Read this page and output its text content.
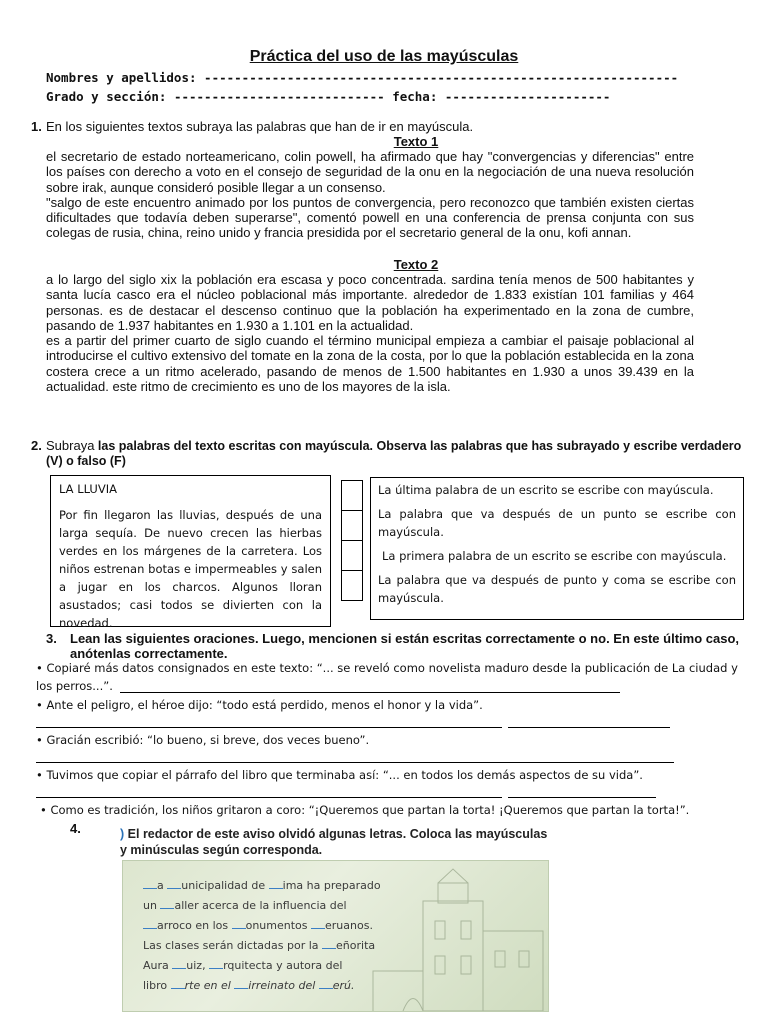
Práctica del uso de las mayúsculas
Nombres y apellidos: ---------------------------------------------------------------
Grado y sección: ---------------------------- fecha: ----------------------
1. En los siguientes textos subraya las palabras que han de ir en mayúscula.
Texto 1

el secretario de estado norteamericano, colin powell, ha afirmado que hay "convergencias y diferencias" entre los países con derecho a voto en el consejo de seguridad de la onu en la negociación de una nueva resolución sobre irak, aunque consideró posible llegar a un consenso.

"salgo de este encuentro animado por los puntos de convergencia, pero reconozco que también existen ciertas dificultades que todavía deben superarse", comentó powell en una conferencia de prensa conjunta con sus colegas de rusia, china, reino unido y francia presidida por el secretario general de la onu, kofi annan.

Texto 2

a lo largo del siglo xix la población era escasa y poco concentrada. sardina tenía menos de 500 habitantes y santa lucía casco era el núcleo poblacional más importante. alrededor de 1.833 existían 101 familias y 464 personas. es de destacar el descenso continuo que la población ha experimentado en la zona de cumbre, pasando de 1.937 habitantes en 1.930 a 1.101 en la actualidad.

es a partir del primer cuarto de siglo cuando el término municipal empieza a cambiar el paisaje poblacional al introducirse el cultivo extensivo del tomate en la zona de la costa, por lo que la población establecida en la zona costera crece a un ritmo acelerado, pasando de menos de 1.500 habitantes en 1.930 a unos 39.439 en la actualidad. este ritmo de crecimiento es uno de los mayores de la isla.

2. Subraya las palabras del texto escritas con mayúscula. Observa las palabras que has subrayado y escribe verdadero (V) o falso (F)
LA LLUVIA
Por fin llegaron las lluvias, después de una larga sequía. De nuevo crecen las hierbas verdes en los márgenes de la carretera. Los niños estrenan botas e impermeables y salen a jugar en los charcos. Algunos lloran asustados; casi todos se divierten con la novedad.
La última palabra de un escrito se escribe con mayúscula.
La palabra que va después de un punto se escribe con mayúscula.
La primera palabra de un escrito se escribe con mayúscula.
La palabra que va después de punto y coma se escribe con mayúscula.
3. Lean las siguientes oraciones. Luego, mencionen si están escritas correctamente o no. En este último caso, anótenlas correctamente.
• Copiaré más datos consignados en este texto: “... se reveló como novelista maduro desde la publicación de La ciudad y
los perros...”.
• Ante el peligro, el héroe dijo: “todo está perdido, menos el honor y la vida”.
• Gracián escribió: “lo bueno, si breve, dos veces bueno”.
• Tuvimos que copiar el párrafo del libro que terminaba así: “... en todos los demás aspectos de su vida”.
• Como es tradición, los niños gritaron a coro: “¡Queremos que partan la torta! ¡Queremos que partan la torta!”.
4.	) El redactor de este aviso olvidó algunas letras. Coloca las mayúsculas
y minúsculas según corresponda.
a unicipalidad de ima ha preparado
un aller acerca de la influencia del
arroco en los onumentos eruanos.
Las clases serán dictadas por la eñorita
Aura uiz, rquitecta y autora del
libro rte en el irreinato del erú.
